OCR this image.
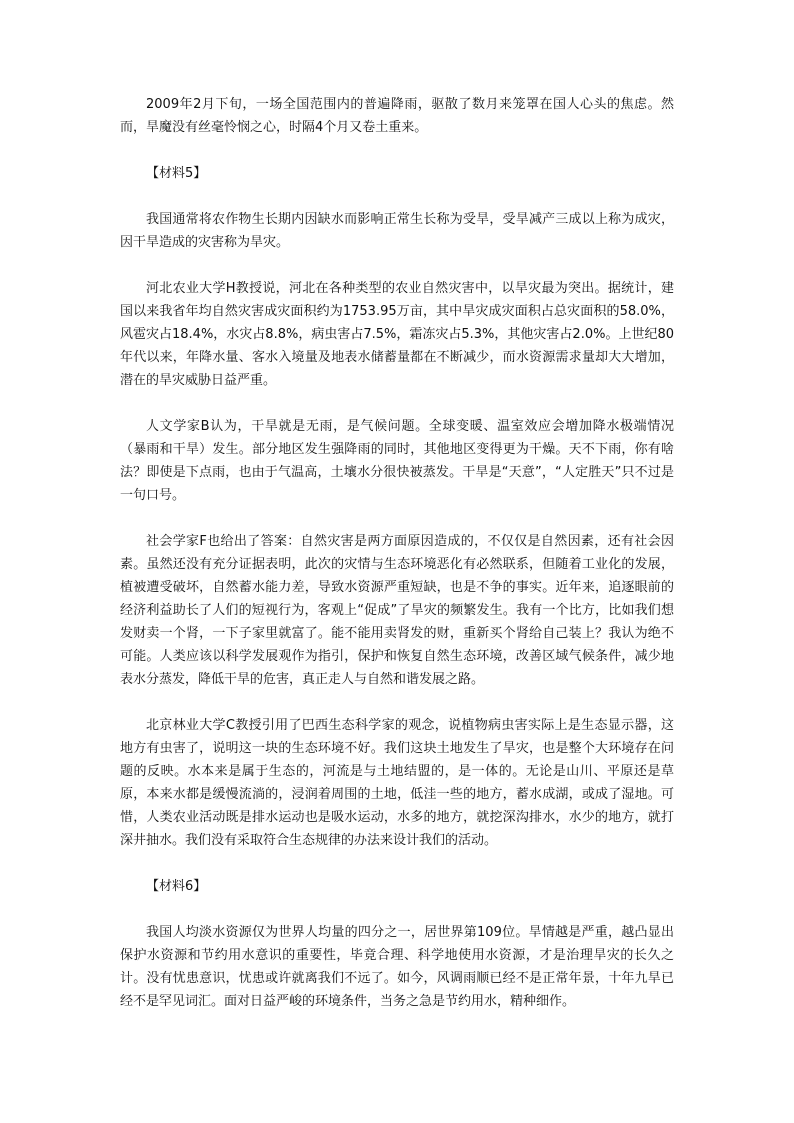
2009年2月下旬，一场全国范围内的普遍降雨，驱散了数月来笼罩在国人心头的焦虑。然而，旱魔没有丝毫怜悯之心，时隔4个月又卷土重来。

【材料5】

我国通常将农作物生长期内因缺水而影响正常生长称为受旱，受旱减产三成以上称为成灾，因干旱造成的灾害称为旱灾。

河北农业大学H教授说，河北在各种类型的农业自然灾害中，以旱灾最为突出。据统计，建国以来我省年均自然灾害成灾面积约为1753.95万亩，其中旱灾成灾面积占总灾面积的58.0%，风雹灾占18.4%，水灾占8.8%，病虫害占7.5%，霜冻灾占5.3%，其他灾害占2.0%。上世纪80年代以来，年降水量、客水入境量及地表水储蓄量都在不断减少，而水资源需求量却大大增加，潜在的旱灾威胁日益严重。

人文学家B认为，干旱就是无雨，是气候问题。全球变暖、温室效应会增加降水极端情况（暴雨和干旱）发生。部分地区发生强降雨的同时，其他地区变得更为干燥。天不下雨，你有啥法？即使是下点雨，也由于气温高，土壤水分很快被蒸发。干旱是“天意”，“人定胜天”只不过是一句口号。

社会学家F也给出了答案：自然灾害是两方面原因造成的，不仅仅是自然因素，还有社会因素。虽然还没有充分证据表明，此次的灾情与生态环境恶化有必然联系，但随着工业化的发展，植被遭受破坏，自然蓄水能力差，导致水资源严重短缺，也是不争的事实。近年来，追逐眼前的经济利益助长了人们的短视行为，客观上“促成”了旱灾的频繁发生。我有一个比方，比如我们想发财卖一个肾，一下子家里就富了。能不能用卖肾发的财，重新买个肾给自己装上？我认为绝不可能。人类应该以科学发展观作为指引，保护和恢复自然生态环境，改善区域气候条件，减少地表水分蒸发，降低干旱的危害，真正走人与自然和谐发展之路。

北京林业大学C教授引用了巴西生态科学家的观念，说植物病虫害实际上是生态显示器，这地方有虫害了，说明这一块的生态环境不好。我们这块土地发生了旱灾，也是整个大环境存在问题的反映。水本来是属于生态的，河流是与土地结盟的，是一体的。无论是山川、平原还是草原，本来水都是缓慢流淌的，浸润着周围的土地，低洼一些的地方，蓄水成湖，或成了湿地。可惜，人类农业活动既是排水运动也是吸水运动，水多的地方，就挖深沟排水，水少的地方，就打深井抽水。我们没有采取符合生态规律的办法来设计我们的活动。

【材料6】

我国人均淡水资源仅为世界人均量的四分之一，居世界第109位。旱情越是严重，越凸显出保护水资源和节约用水意识的重要性，毕竟合理、科学地使用水资源，才是治理旱灾的长久之计。没有忧患意识，忧患或许就离我们不远了。如今，风调雨顺已经不是正常年景，十年九旱已经不是罕见词汇。面对日益严峻的环境条件，当务之急是节约用水，精种细作。
